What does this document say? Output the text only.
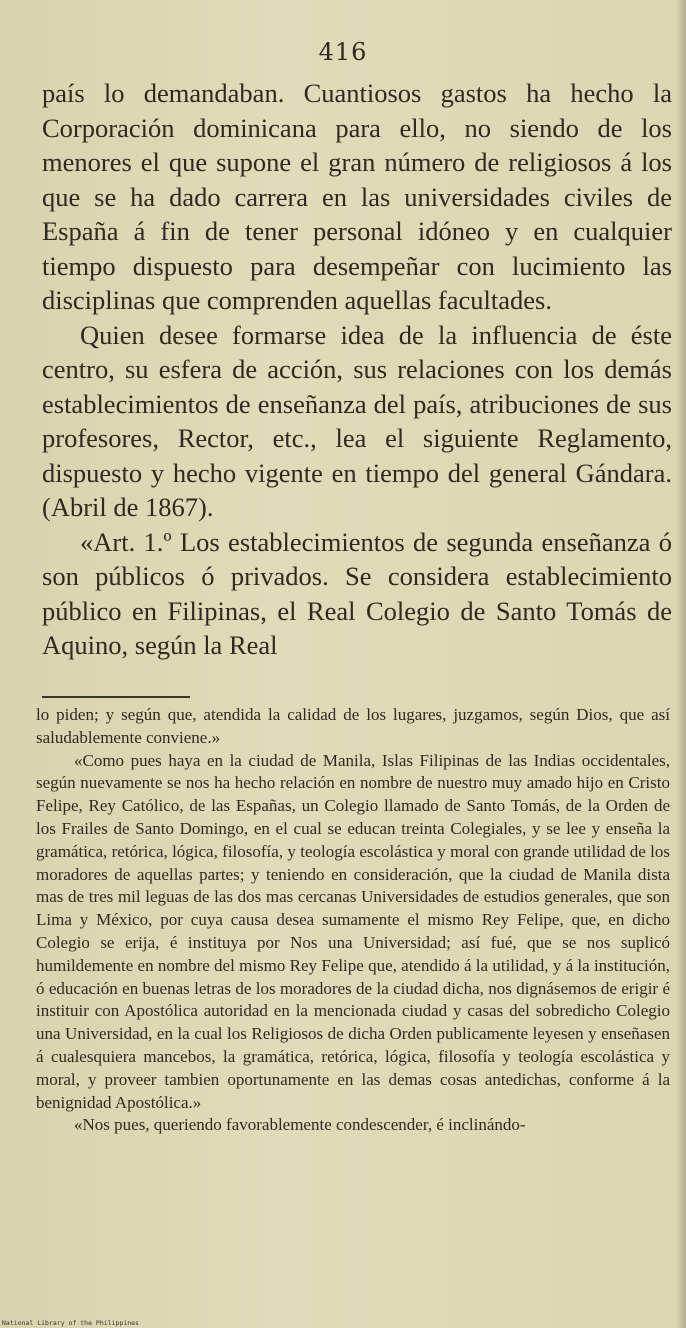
416

país lo demandaban. Cuantiosos gastos ha hecho la Corporación dominicana para ello, no siendo de los menores el que supone el gran número de religiosos á los que se ha dado carrera en las universidades civiles de España á fin de tener personal idóneo y en cualquier tiempo dispuesto para desempeñar con lucimiento las disciplinas que comprenden aquellas facultades.

Quien desee formarse idea de la influencia de éste centro, su esfera de acción, sus relaciones con los demás establecimientos de enseñanza del país, atribuciones de sus profesores, Rector, etc., lea el siguiente Reglamento, dispuesto y hecho vigente en tiempo del general Gándara. (Abril de 1867).

«Art. 1.º Los establecimientos de segunda enseñanza ó son públicos ó privados. Se considera establecimiento público en Filipinas, el Real Colegio de Santo Tomás de Aquino, según la Real

lo piden; y según que, atendida la calidad de los lugares, juzgamos, según Dios, que así saludablemente conviene.»

«Como pues haya en la ciudad de Manila, Islas Filipinas de las Indias occidentales, según nuevamente se nos ha hecho relación en nombre de nuestro muy amado hijo en Cristo Felipe, Rey Católico, de las Españas, un Colegio llamado de Santo Tomás, de la Orden de los Frailes de Santo Domingo, en el cual se educan treinta Colegiales, y se lee y enseña la gramática, retórica, lógica, filosofía, y teología escolástica y moral con grande utilidad de los moradores de aquellas partes; y teniendo en consideración, que la ciudad de Manila dista mas de tres mil leguas de las dos mas cercanas Universidades de estudios generales, que son Lima y México, por cuya causa desea sumamente el mismo Rey Felipe, que, en dicho Colegio se erija, é instituya por Nos una Universidad; así fué, que se nos suplicó humildemente en nombre del mismo Rey Felipe que, atendido á la utilidad, y á la institución, ó educación en buenas letras de los moradores de la ciudad dicha, nos dignásemos de erigir é instituir con Apostólica autoridad en la mencionada ciudad y casas del sobredicho Colegio una Universidad, en la cual los Religiosos de dicha Orden publicamente leyesen y enseñasen á cualesquiera mancebos, la gramática, retórica, lógica, filosofía y teología escolástica y moral, y proveer tambien oportunamente en las demas cosas antedichas, conforme á la benignidad Apostólica.»

«Nos pues, queriendo favorablemente condescender, é inclinándo-

National Library of the Philippines
